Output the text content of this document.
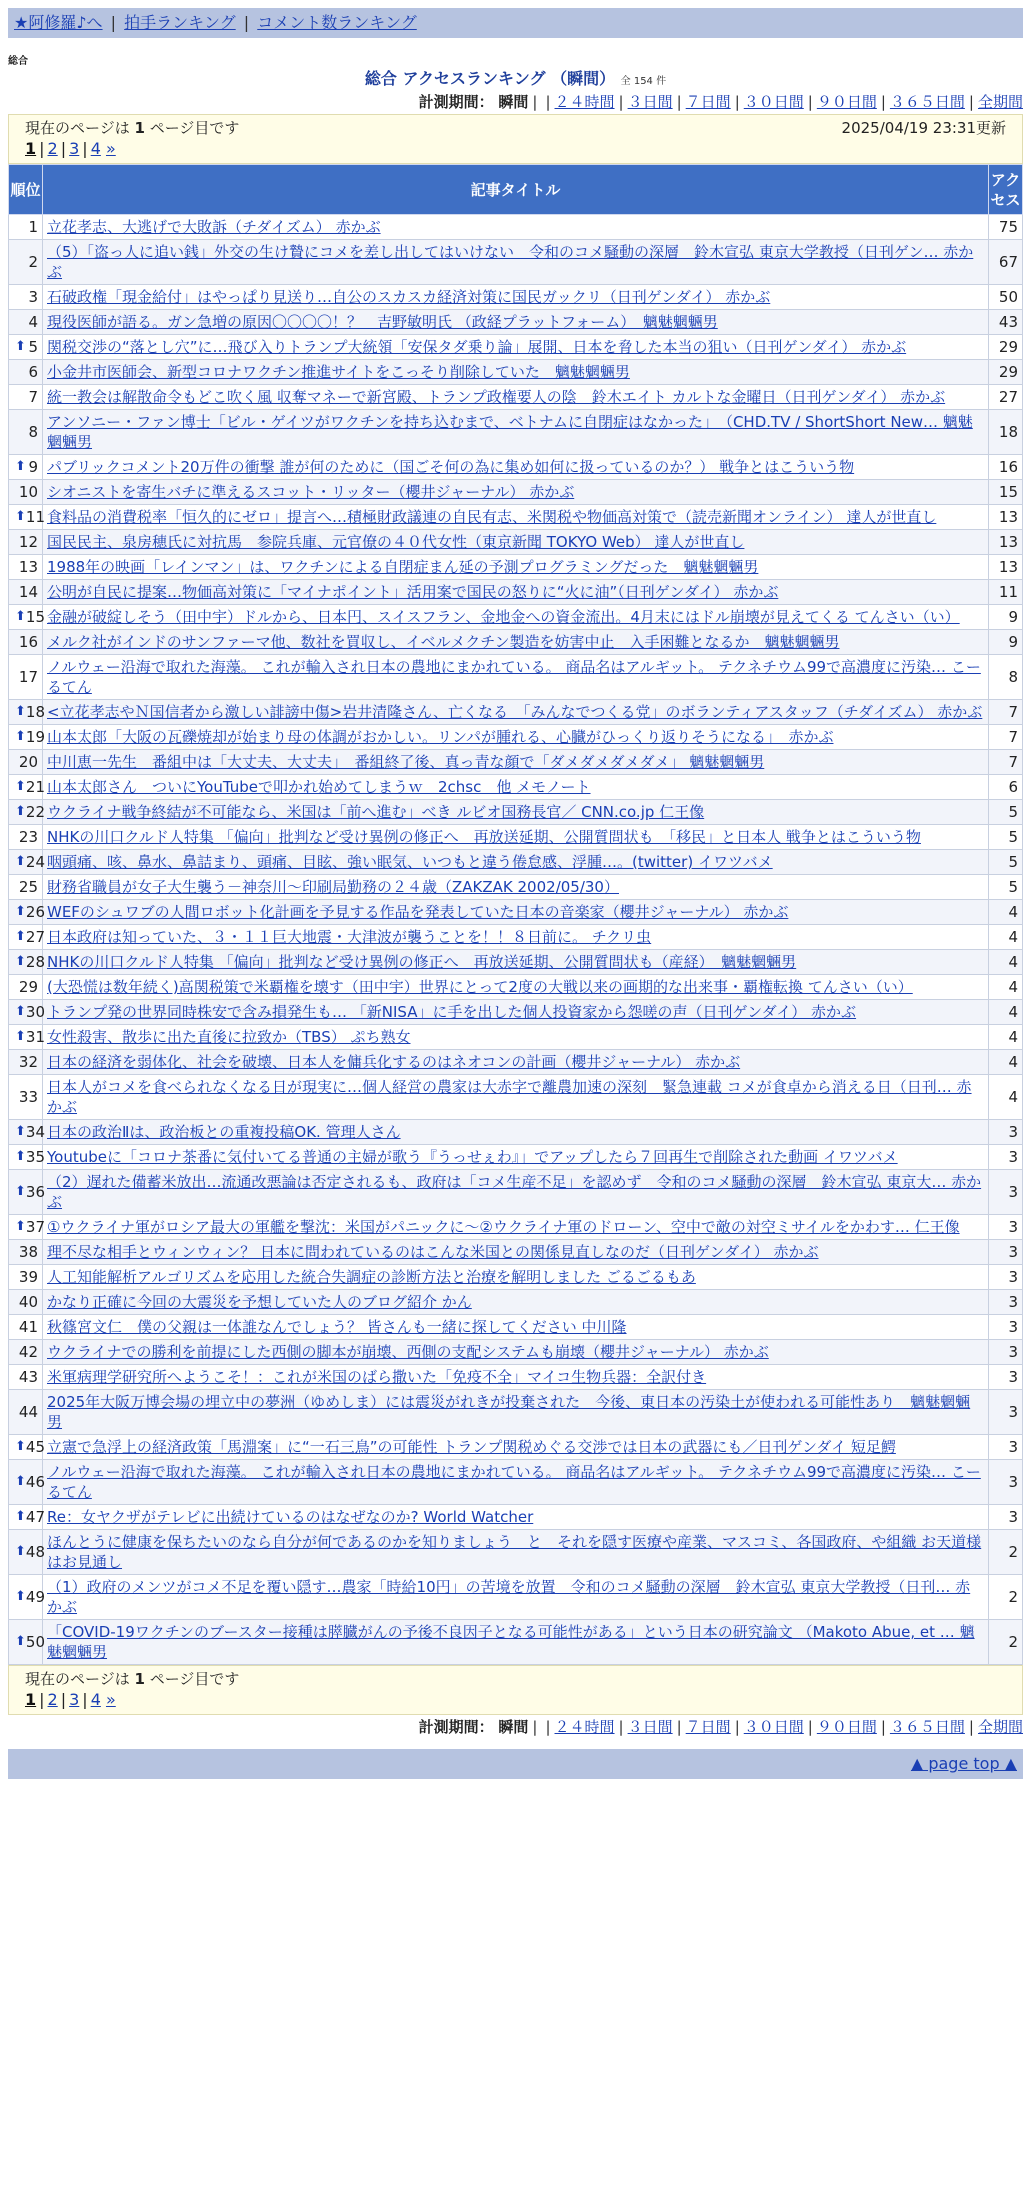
★阿修羅♪へ | 拍手ランキング | コメント数ランキング
総合
総合 アクセスランキング （瞬間） 全 154 件
計測期間： 瞬間 | | ２４時間 | ３日間 | ７日間 | ３０日間 | ９０日間 | ３６５日間 | 全期間
現在のページは 1 ページ目です	2025/04/19 23:31更新
1 | 2 | 3 | 4 »
順位	記事タイトル	アクセス
1	立花孝志、大逃げで大敗訴（チダイズム） 赤かぶ	75
2	（5）「盗っ人に追い銭」外交の生け贄にコメを差し出してはいけない　令和のコメ騒動の深層　鈴木宣弘 東京大学教授（日刊ゲン… 赤かぶ	67
3	石破政権「現金給付」はやっぱり見送り…自公のスカスカ経済対策に国民ガックリ（日刊ゲンダイ） 赤かぶ	50
4	現役医師が語る。ガン急増の原因〇〇〇〇！？　吉野敏明氏 （政経プラットフォーム）　魑魅魍魎男	43

⬆ 5	関税交渉の“落とし穴”に…飛び入りトランプ大統領「安保タダ乗り論」展開、日本を脅した本当の狙い（日刊ゲンダイ） 赤かぶ	29
6	小金井市医師会、新型コロナワクチン推進サイトをこっそり削除していた　魑魅魍魎男	29
7	統一教会は解散命令もどこ吹く風 収奪マネーで新宮殿、トランプ政権要人の陰　鈴木エイト カルトな金曜日（日刊ゲンダイ） 赤かぶ	27
8	アンソニー・ファン博士「ビル・ゲイツがワクチンを持ち込むまで、ベトナムに自閉症はなかった」　（CHD.TV / ShortShort New… 魑魅魍魎男	18

⬆ 9	パブリックコメント20万件の衝撃 誰が何のために（国ごそ何の為に集め如何に扱っているのか？） 戦争とはこういう物	16
10	シオニストを寄生バチに準えるスコット・リッター（櫻井ジャーナル） 赤かぶ	15

⬆ 11	食料品の消費税率「恒久的にゼロ」提言へ…積極財政議連の自民有志、米関税や物価高対策で（読売新聞オンライン） 達人が世直し	13
12	国民民主、泉房穂氏に対抗馬　参院兵庫、元官僚の４０代女性（東京新聞 TOKYO Web） 達人が世直し	13
13	1988年の映画「レインマン」は、ワクチンによる自閉症まん延の予測プログラミングだった　魑魅魍魎男	13
14	公明が自民に提案…物価高対策に「マイナポイント」活用案で国民の怒りに“火に油”（日刊ゲンダイ） 赤かぶ	11

⬆ 15	金融が破綻しそう（田中宇）ドルから、日本円、スイスフラン、金地金への資金流出。4月末にはドル崩壊が見えてくる てんさい（い）	9
16	メルク社がインドのサンファーマ他、数社を買収し、イベルメクチン製造を妨害中止　入手困難となるか　魑魅魍魎男	9
17	ノルウェー沿海で取れた海藻。 これが輸入され日本の農地にまかれている。 商品名はアルギット。 テクネチウム99で高濃度に汚染… こーるてん	8

⬆ 18	<立花孝志やＮ国信者から激しい誹謗中傷>岩井清隆さん、亡くなる　「みんなでつくる党」のボランティアスタッフ（チダイズム） 赤かぶ	7

⬆ 19	山本太郎「大阪の瓦礫焼却が始まり母の体調がおかしい。リンパが腫れる、心臓がひっくり返りそうになる」　赤かぶ	7
20	中川恵一先生　番組中は「大丈夫、大丈夫」　番組終了後、真っ青な顔で「ダメダメダメダメ」 魑魅魍魎男	7

⬆ 21	山本太郎さん　ついにYouTubeで叩かれ始めてしまうｗ　2chsc　他 メモノート	6

⬆ 22	ウクライナ戦争終結が不可能なら、米国は「前へ進む」べき ルビオ国務長官／ CNN.co.jp 仁王像	5
23	NHKの川口クルド人特集 「偏向」批判など受け異例の修正へ　再放送延期、公開質問状も　「移民」と日本人 戦争とはこういう物	5

⬆ 24	咽頭痛、咳、鼻水、鼻詰まり、頭痛、目眩、強い眠気、いつもと違う倦怠感、浮腫…。(twitter) イワツバメ	5
25	財務省職員が女子大生襲う－神奈川～印刷局勤務の２４歳（ZAKZAK 2002/05/30）	5

⬆ 26	WEFのシュワブの人間ロボット化計画を予見する作品を発表していた日本の音楽家（櫻井ジャーナル） 赤かぶ	4

⬆ 27	日本政府は知っていた、３・１１巨大地震・大津波が襲うことを！！８日前に。 チクリ虫	4

⬆ 28	NHKの川口クルド人特集 「偏向」批判など受け異例の修正へ　再放送延期、公開質問状も（産経）　魑魅魍魎男	4
29	(大恐慌は数年続く)高関税策で米覇権を壊す（田中宇）世界にとって2度の大戦以来の画期的な出来事・覇権転換 てんさい（い）	4

⬆ 30	トランプ発の世界同時株安で含み損発生も… 「新NISA」に手を出した個人投資家から怨嗟の声（日刊ゲンダイ） 赤かぶ	4

⬆ 31	女性殺害、散歩に出た直後に拉致か（TBS） ぷち熟女	4
32	日本の経済を弱体化、社会を破壊、日本人を傭兵化するのはネオコンの計画（櫻井ジャーナル） 赤かぶ	4
33	日本人がコメを食べられなくなる日が現実に…個人経営の農家は大赤字で離農加速の深刻　緊急連載 コメが食卓から消える日（日刊… 赤かぶ	4

⬆ 34	日本の政治Ⅱは、政治板との重複投稿OK. 管理人さん	3

⬆ 35	Youtubeに「コロナ茶番に気付いてる普通の主婦が歌う『うっせぇわ』」でアップしたら７回再生で削除された動画 イワツバメ	3

⬆ 36	（2）遅れた備蓄米放出…流通改悪論は否定されるも、政府は「コメ生産不足」を認めず　令和のコメ騒動の深層　鈴木宣弘 東京大… 赤かぶ	3

⬆ 37	①ウクライナ軍がロシア最大の軍艦を撃沈：米国がパニックに～②ウクライナ軍のドローン、空中で敵の対空ミサイルをかわす… 仁王像	3
38	理不尽な相手とウィンウィン？ 日本に問われているのはこんな米国との関係見直しなのだ（日刊ゲンダイ） 赤かぶ	3
39	人工知能解析アルゴリズムを応用した統合失調症の診断方法と治療を解明しました ごるごるもあ	3
40	かなり正確に今回の大震災を予想していた人のブログ紹介 かん	3
41	秋篠宮文仁　僕の父親は一体誰なんでしょう？ 皆さんも一緒に探してください 中川隆	3
42	ウクライナでの勝利を前提にした西側の脚本が崩壊、西側の支配システムも崩壊（櫻井ジャーナル） 赤かぶ	3
43	米軍病理学研究所へようこそ！：これが米国のばら撒いた「免疫不全」マイコ生物兵器：全訳付き	3
44	2025年大阪万博会場の埋立中の夢洲（ゆめしま）には震災がれきが投棄された　今後、東日本の汚染土が使われる可能性あり　魑魅魍魎男	3

⬆ 45	立憲で急浮上の経済政策「馬淵案」に“一石三鳥”の可能性 トランプ関税めぐる交渉では日本の武器にも／日刊ゲンダイ 短足鰐	3

⬆ 46	ノルウェー沿海で取れた海藻。 これが輸入され日本の農地にまかれている。 商品名はアルギット。 テクネチウム99で高濃度に汚染… こーるてん	3

⬆ 47	Re：女ヤクザがテレビに出続けているのはなぜなのか? World Watcher	3

⬆ 48	ほんとうに健康を保ちたいのなら自分が何であるのかを知りましょう　と　それを隠す医療や産業、マスコミ、各国政府、や組織 お天道様はお見通し	2

⬆ 49	（1）政府のメンツがコメ不足を覆い隠す…農家「時給10円」の苦境を放置　令和のコメ騒動の深層　鈴木宣弘 東京大学教授（日刊… 赤かぶ	2

⬆ 50	「COVID-19ワクチンのブースター接種は膵臓がんの予後不良因子となる可能性がある」という日本の研究論文 （Makoto Abue, et … 魑魅魍魎男	2
現在のページは 1 ページ目です
1 | 2 | 3 | 4 »
計測期間： 瞬間 | | ２４時間 | ３日間 | ７日間 | ３０日間 | ９０日間 | ３６５日間 | 全期間
▲ page top ▲
